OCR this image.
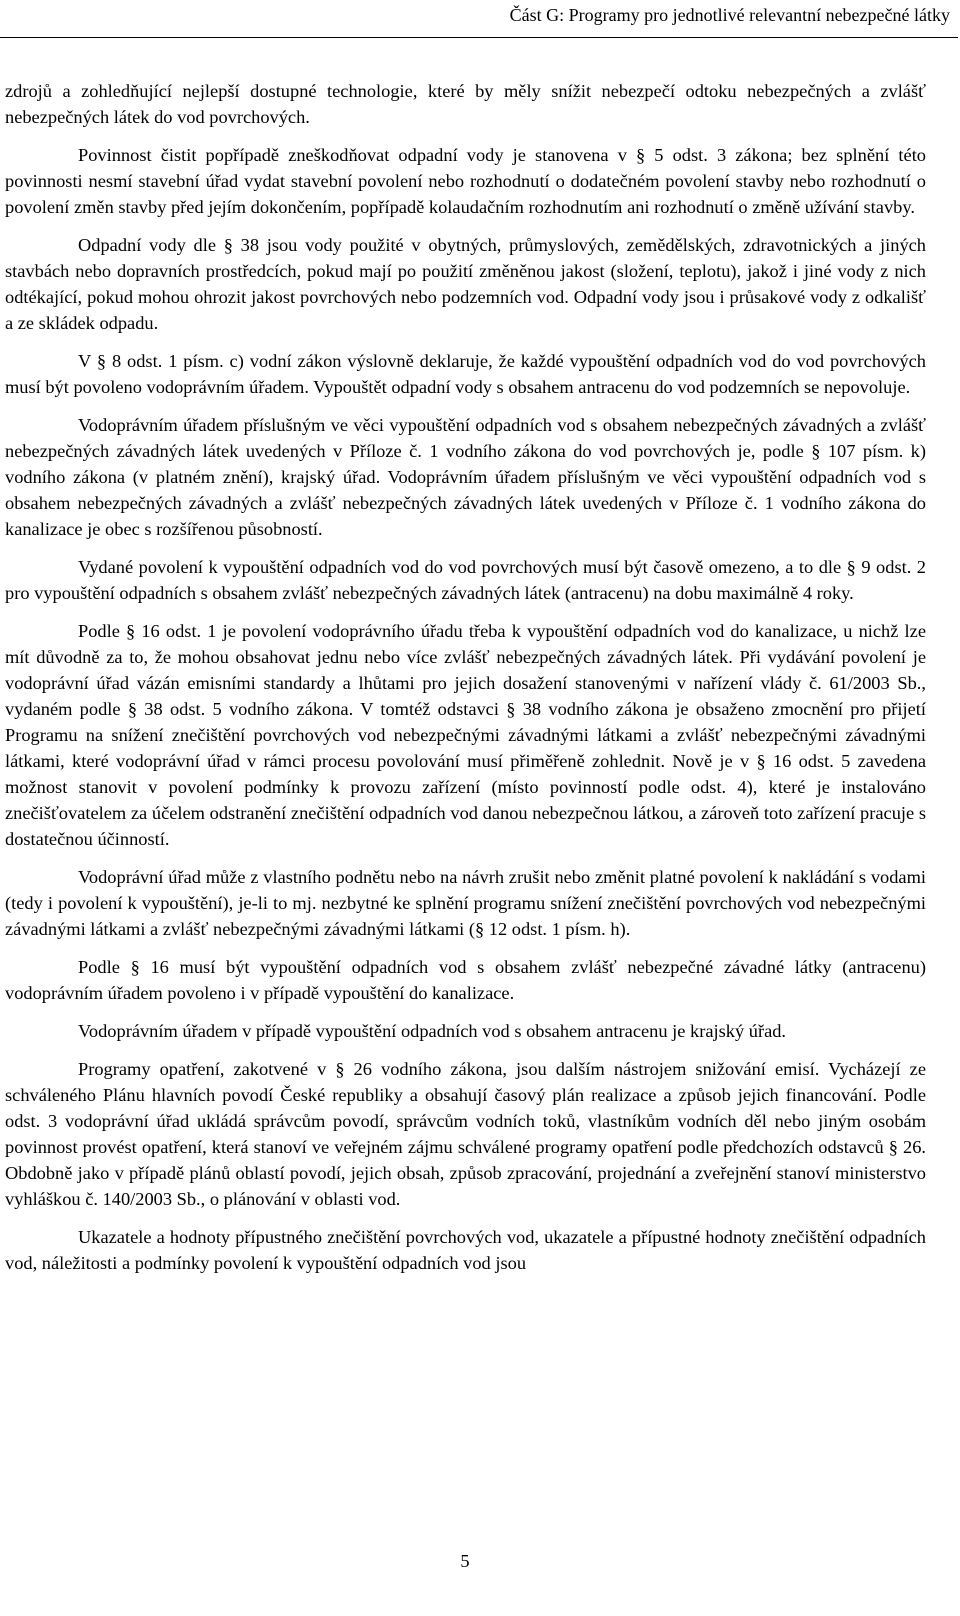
Část G: Programy pro jednotlivé relevantní nebezpečné látky

zdrojů a zohledňující nejlepší dostupné technologie, které by měly snížit nebezpečí odtoku nebezpečných a zvlášť nebezpečných látek do vod povrchových.

Povinnost čistit popřípadě zneškodňovat odpadní vody je stanovena v § 5 odst. 3 zákona; bez splnění této povinnosti nesmí stavební úřad vydat stavební povolení nebo rozhodnutí o dodatečném povolení stavby nebo rozhodnutí o povolení změn stavby před jejím dokončením, popřípadě kolaudačním rozhodnutím ani rozhodnutí o změně užívání stavby.

Odpadní vody dle § 38 jsou vody použité v obytných, průmyslových, zemědělských, zdravotnických a jiných stavbách nebo dopravních prostředcích, pokud mají po použití změněnou jakost (složení, teplotu), jakož i jiné vody z nich odtékající, pokud mohou ohrozit jakost povrchových nebo podzemních vod. Odpadní vody jsou i průsakové vody z odkališť a ze skládek odpadu.

V § 8 odst. 1 písm. c) vodní zákon výslovně deklaruje, že každé vypouštění odpadních vod do vod povrchových musí být povoleno vodoprávním úřadem. Vypouštět odpadní vody s obsahem antracenu do vod podzemních se nepovoluje.

Vodoprávním úřadem příslušným ve věci vypouštění odpadních vod s obsahem nebezpečných závadných a zvlášť nebezpečných závadných látek uvedených v Příloze č. 1 vodního zákona do vod povrchových je, podle § 107 písm. k) vodního zákona (v platném znění), krajský úřad. Vodoprávním úřadem příslušným ve věci vypouštění odpadních vod s obsahem nebezpečných závadných a zvlášť nebezpečných závadných látek uvedených v Příloze č. 1 vodního zákona do kanalizace je obec s rozšířenou působností.

Vydané povolení k vypouštění odpadních vod do vod povrchových musí být časově omezeno, a to dle § 9 odst. 2 pro vypouštění odpadních s obsahem zvlášť nebezpečných závadných látek (antracenu) na dobu maximálně 4 roky.

Podle § 16 odst. 1 je povolení vodoprávního úřadu třeba k vypouštění odpadních vod do kanalizace, u nichž lze mít důvodně za to, že mohou obsahovat jednu nebo více zvlášť nebezpečných závadných látek. Při vydávání povolení je vodoprávní úřad vázán emisními standardy a lhůtami pro jejich dosažení stanovenými v nařízení vlády č. 61/2003 Sb., vydaném podle § 38 odst. 5 vodního zákona. V tomtéž odstavci § 38 vodního zákona je obsaženo zmocnění pro přijetí Programu na snížení znečištění povrchových vod nebezpečnými závadnými látkami a zvlášť nebezpečnými závadnými látkami, které vodoprávní úřad v rámci procesu povolování musí přiměřeně zohlednit. Nově je v § 16 odst. 5 zavedena možnost stanovit v povolení podmínky k provozu zařízení (místo povinností podle odst. 4), které je instalováno znečišťovatelem za účelem odstranění znečištění odpadních vod danou nebezpečnou látkou, a zároveň toto zařízení pracuje s dostatečnou účinností.

Vodoprávní úřad může z vlastního podnětu nebo na návrh zrušit nebo změnit platné povolení k nakládání s vodami (tedy i povolení k vypouštění), je-li to mj. nezbytné ke splnění programu snížení znečištění povrchových vod nebezpečnými závadnými látkami a zvlášť nebezpečnými závadnými látkami (§ 12 odst. 1 písm. h).

Podle § 16 musí být vypouštění odpadních vod s obsahem zvlášť nebezpečné závadné látky (antracenu) vodoprávním úřadem povoleno i v případě vypouštění do kanalizace.

Vodoprávním úřadem v případě vypouštění odpadních vod s obsahem antracenu je krajský úřad.

Programy opatření, zakotvené v § 26 vodního zákona, jsou dalším nástrojem snižování emisí. Vycházejí ze schváleného Plánu hlavních povodí České republiky a obsahují časový plán realizace a způsob jejich financování. Podle odst. 3 vodoprávní úřad ukládá správcům povodí, správcům vodních toků, vlastníkům vodních děl nebo jiným osobám povinnost provést opatření, která stanoví ve veřejném zájmu schválené programy opatření podle předchozích odstavců § 26. Obdobně jako v případě plánů oblastí povodí, jejich obsah, způsob zpracování, projednání a zveřejnění stanoví ministerstvo vyhláškou č. 140/2003 Sb., o plánování v oblasti vod.

Ukazatele a hodnoty přípustného znečištění povrchových vod, ukazatele a přípustné hodnoty znečištění odpadních vod, náležitosti a podmínky povolení k vypouštění odpadních vod jsou

5
